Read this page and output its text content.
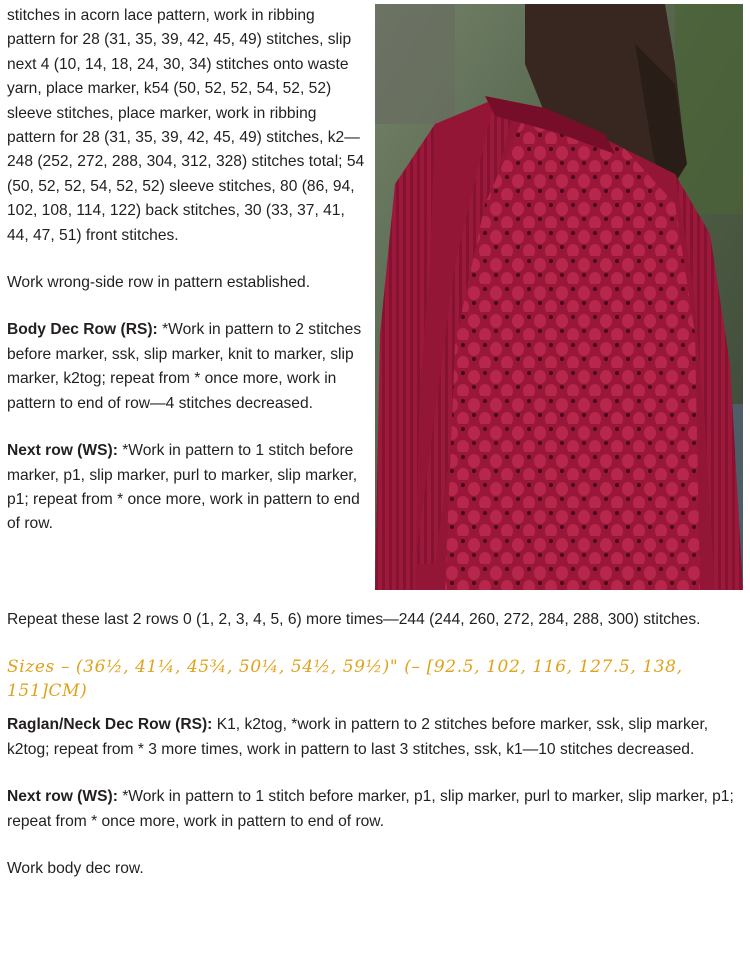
stitches in acorn lace pattern, work in ribbing pattern for 28 (31, 35, 39, 42, 45, 49) stitches, slip next 4 (10, 14, 18, 24, 30, 34) stitches onto waste yarn, place marker, k54 (50, 52, 52, 54, 52, 52) sleeve stitches, place marker, work in ribbing pattern for 28 (31, 35, 39, 42, 45, 49) stitches, k2—248 (252, 272, 288, 304, 312, 328) stitches total; 54 (50, 52, 52, 54, 52, 52) sleeve stitches, 80 (86, 94, 102, 108, 114, 122) back stitches, 30 (33, 37, 41, 44, 47, 51) front stitches.

Work wrong-side row in pattern established.

Body Dec Row (RS): *Work in pattern to 2 stitches before marker, ssk, slip marker, knit to marker, slip marker, k2tog; repeat from * once more, work in pattern to end of row—4 stitches decreased.

Next row (WS): *Work in pattern to 1 stitch before marker, p1, slip marker, purl to marker, slip marker, p1; repeat from * once more, work in pattern to end of row.

Repeat these last 2 rows 0 (1, 2, 3, 4, 5, 6) more times—244 (244, 260, 272, 284, 288, 300) stitches.

Sizes – (36½, 41¼, 45¾, 50¼, 54½, 59½)" (– [92.5, 102, 116, 127.5, 138, 151]CM)

Raglan/Neck Dec Row (RS): K1, k2tog, *work in pattern to 2 stitches before marker, ssk, slip marker, k2tog; repeat from * 3 more times, work in pattern to last 3 stitches, ssk, k1—10 stitches decreased.

Next row (WS): *Work in pattern to 1 stitch before marker, p1, slip marker, purl to marker, slip marker, p1; repeat from * once more, work in pattern to end of row.

Work body dec row.
